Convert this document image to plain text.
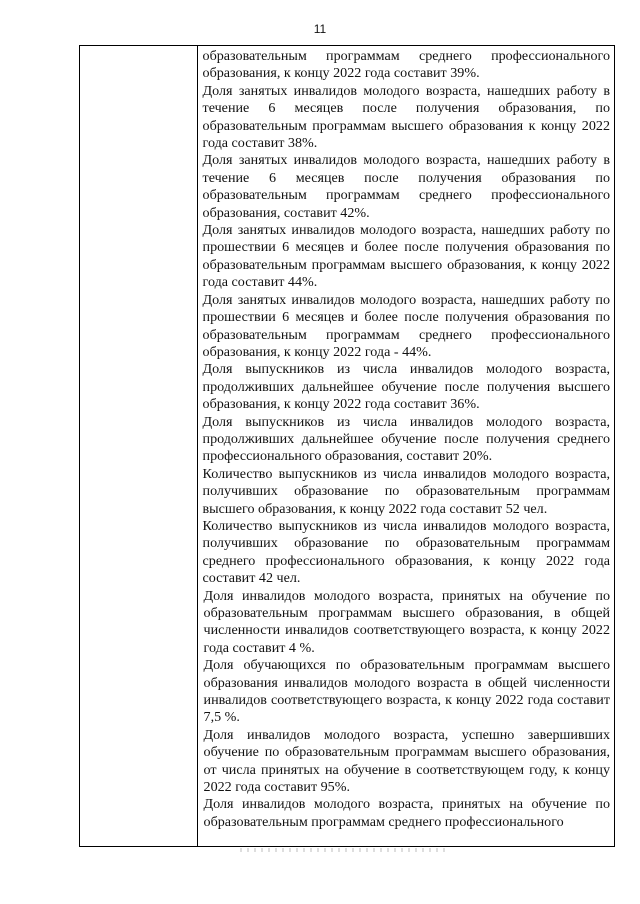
11

образовательным программам среднего профессионального образования, к концу 2022 года составит 39%.

Доля занятых инвалидов молодого возраста, нашедших работу в течение 6 месяцев после получения образования, по образовательным программам высшего образования к концу 2022 года составит 38%.

Доля занятых инвалидов молодого возраста, нашедших работу в течение 6 месяцев после получения образования по образовательным программам среднего профессионального образования, составит 42%.

Доля занятых инвалидов молодого возраста, нашедших работу по прошествии 6 месяцев и более после получения образования по образовательным программам высшего образования, к концу 2022 года составит 44%.

Доля занятых инвалидов молодого возраста, нашедших работу по прошествии 6 месяцев и более после получения образования по образовательным программам среднего профессионального образования, к концу 2022 года - 44%.

Доля выпускников из числа инвалидов молодого возраста, продолживших дальнейшее обучение после получения высшего образования, к концу 2022 года составит 36%.

Доля выпускников из числа инвалидов молодого возраста, продолживших дальнейшее обучение после получения среднего профессионального образования, составит 20%.

Количество выпускников из числа инвалидов молодого возраста, получивших образование по образовательным программам высшего образования, к концу 2022 года составит 52 чел.

Количество выпускников из числа инвалидов молодого возраста, получивших образование по образовательным программам среднего профессионального образования, к концу 2022 года составит 42 чел.

Доля инвалидов молодого возраста, принятых на обучение по образовательным программам высшего образования, в общей численности инвалидов соответствующего возраста, к концу 2022 года составит 4 %.

Доля обучающихся по образовательным программам высшего образования инвалидов молодого возраста в общей численности инвалидов соответствующего возраста, к концу 2022 года составит 7,5 %.

Доля инвалидов молодого возраста, успешно завершивших обучение по образовательным программам высшего образования, от числа принятых на обучение в соответствующем году, к концу 2022 года составит 95%.

Доля инвалидов молодого возраста, принятых на обучение по образовательным программам среднего профессионального
